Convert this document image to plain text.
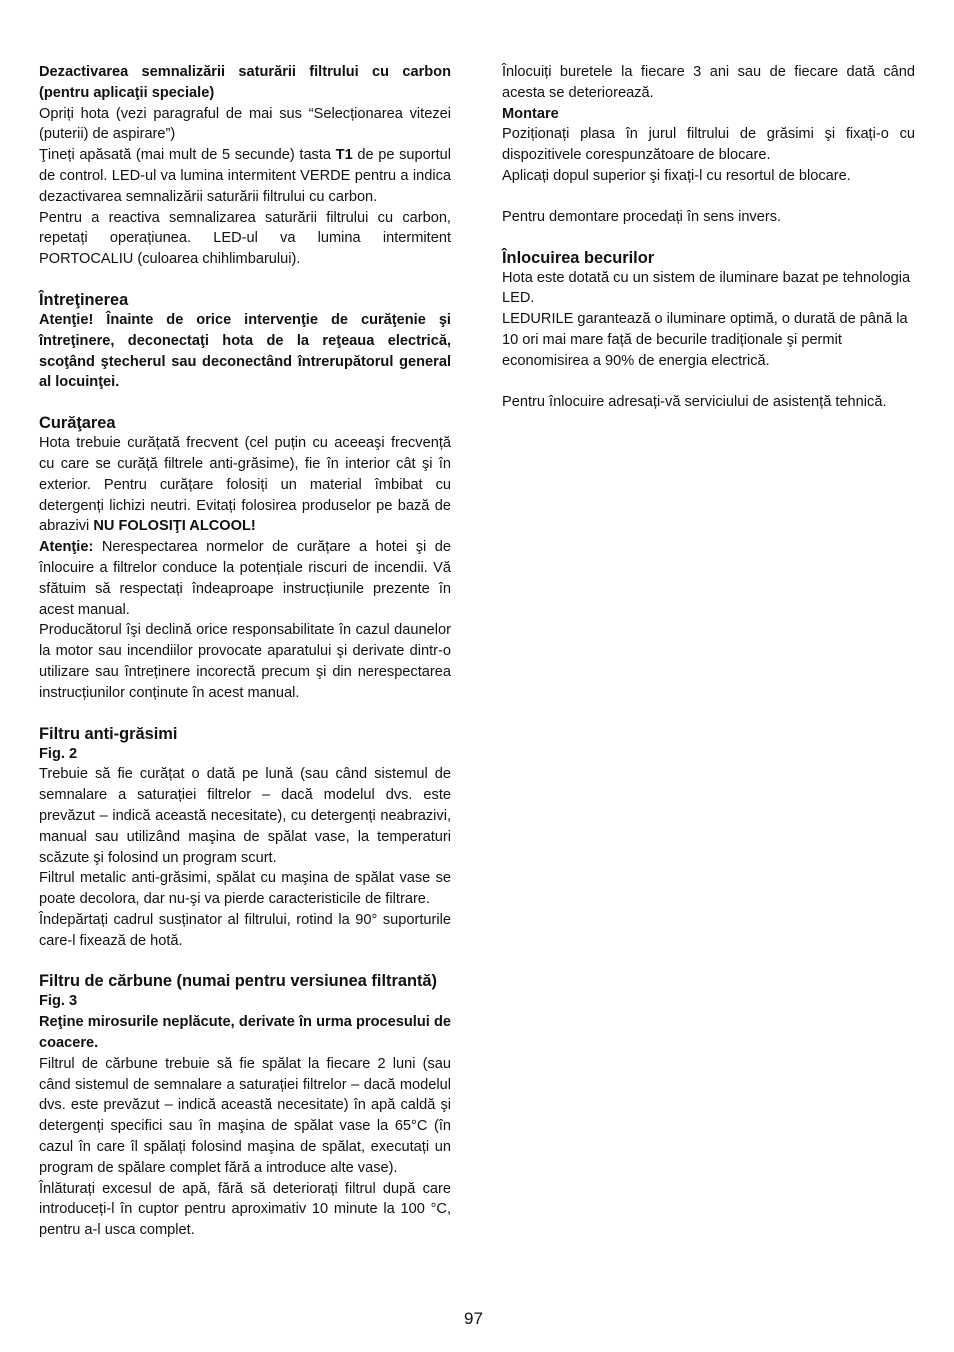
Dezactivarea semnalizării saturării filtrului cu carbon (pentru aplicaţii speciale)

Opriți hota (vezi paragraful de mai sus “Selecționarea vitezei (puterii) de aspirare”)

Ţineți apăsată (mai mult de 5 secunde) tasta T1 de pe suportul de control. LED-ul va lumina intermitent VERDE pentru a indica dezactivarea semnalizării saturării filtrului cu carbon.

Pentru a reactiva semnalizarea saturării filtrului cu carbon, repetați operațiunea. LED-ul va lumina intermitent PORTOCALIU (culoarea chihlimbarului).

Întreţinerea

Atenţie! Înainte de orice intervenţie de curăţenie şi întreţinere, deconectaţi hota de la reţeaua electrică, scoţând ştecherul sau deconectând întrerupătorul general al locuinţei.

Curăţarea

Hota trebuie curățată frecvent (cel puțin cu aceeaşi frecvență cu care se curăță filtrele anti-grăsime), fie în interior cât şi în exterior. Pentru curățare folosiți un material îmbibat cu detergenți lichizi neutri. Evitați folosirea produselor pe bază de abrazivi NU FOLOSIŢI ALCOOL!

Atenţie: Nerespectarea normelor de curățare a hotei şi de înlocuire a filtrelor conduce la potențiale riscuri de incendii. Vă sfătuim să respectați îndeaproape instrucțiunile prezente în acest manual.

Producătorul îşi declină orice responsabilitate în cazul daunelor la motor sau incendiilor provocate aparatului şi derivate dintr-o utilizare sau întreținere incorectă precum şi din nerespectarea instrucțiunilor conținute în acest manual.

Filtru anti-grăsimi

Fig. 2

Trebuie să fie curățat o dată pe lună (sau când sistemul de semnalare a saturației filtrelor – dacă modelul dvs. este prevăzut – indică această necesitate), cu detergenți neabrazivi, manual sau utilizând maşina de spălat vase, la temperaturi scăzute şi folosind un program scurt.

Filtrul metalic anti-grăsimi, spălat cu maşina de spălat vase se poate decolora, dar nu-şi va pierde caracteristicile de filtrare.

Îndepărtați cadrul susținator al filtrului, rotind la 90° suporturile care-l fixează de hotă.

Filtru de cărbune (numai pentru versiunea filtrantă)

Fig. 3

Reţine mirosurile neplăcute, derivate în urma procesului de coacere.

Filtrul de cărbune trebuie să fie spălat la fiecare 2 luni (sau când sistemul de semnalare a saturației filtrelor – dacă modelul dvs. este prevăzut – indică această necesitate) în apă caldă şi detergenți specifici sau în maşina de spălat vase la 65°C (în cazul în care îl spălați folosind maşina de spălat, executați un program de spălare complet fără a introduce alte vase).

Înlăturați excesul de apă, fără să deteriorați filtrul după care introduceți-l în cuptor pentru aproximativ 10 minute la 100 °C, pentru a-l usca complet.

Înlocuiți buretele la fiecare 3 ani sau de fiecare dată când acesta se deteriorează.

Montare

Poziționați plasa în jurul filtrului de grăsimi şi fixați-o cu dispozitivele corespunzătoare de blocare.

Aplicați dopul superior şi fixați-l cu resortul de blocare.

Pentru demontare procedați în sens invers.

Înlocuirea becurilor

Hota este dotată cu un sistem de iluminare bazat pe tehnologia LED.

LEDURILE garantează o iluminare optimă, o durată de până la 10 ori mai mare față de becurile tradiționale şi permit economisirea a 90% de energia electrică.

Pentru înlocuire adresați-vă serviciului de asistență tehnică.

97
